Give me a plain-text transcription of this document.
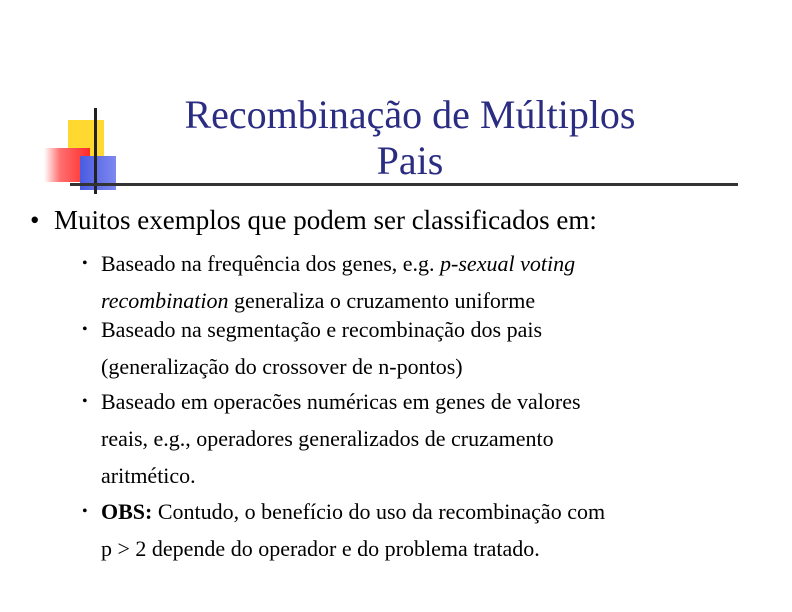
Recombinação de Múltiplos
Pais
• Muitos exemplos que podem ser classificados em:
• Baseado na frequência dos genes, e.g. p-sexual voting
recombination generaliza o cruzamento uniforme
• Baseado na segmentação e recombinação dos pais
(generalização do crossover de n-pontos)
• Baseado em operacões numéricas em genes de valores
reais, e.g., operadores generalizados de cruzamento
aritmético.
• OBS: Contudo, o benefício do uso da recombinação com
p > 2 depende do operador e do problema tratado.
